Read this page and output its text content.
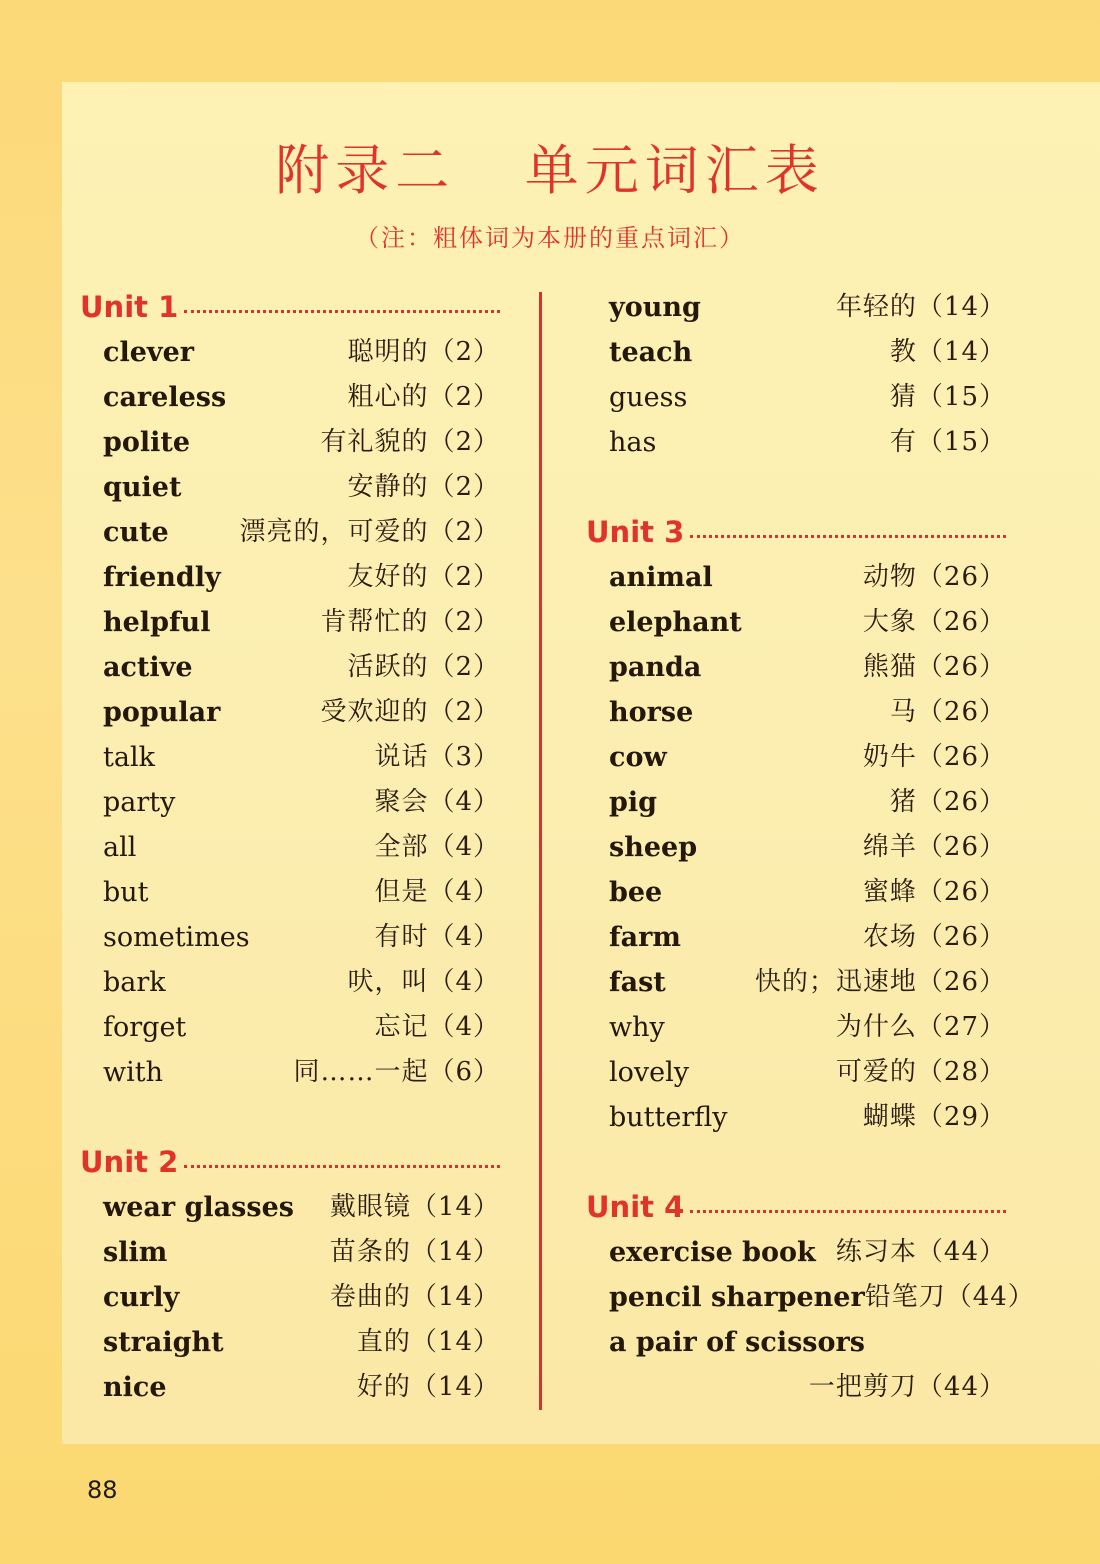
附录二   单元词汇表
（注：粗体词为本册的重点词汇）
Unit 1
clever	聪明的（2）
careless	粗心的（2）
polite	有礼貌的（2）
quiet	安静的（2）
cute	漂亮的，可爱的（2）
friendly	友好的（2）
helpful	肯帮忙的（2）
active	活跃的（2）
popular	受欢迎的（2）
talk	说话（3）
party	聚会（4）
all	全部（4）
but	但是（4）
sometimes	有时（4）
bark	吠，叫（4）
forget	忘记（4）
with	同……一起（6）
Unit 2
wear glasses 戴眼镜（14）
slim	苗条的（14）
curly	卷曲的（14）
straight	直的（14）
nice	好的（14）
young	年轻的（14）
teach	教（14）
guess	猜（15）
has	有（15）
Unit 3
animal	动物（26）
elephant	大象（26）
panda	熊猫（26）
horse	马（26）
cow	奶牛（26）
pig	猪（26）
sheep	绵羊（26）
bee	蜜蜂（26）
farm	农场（26）
fast	快的；迅速地（26）
why	为什么（27）
lovely	可爱的（28）
butterfly	蝴蝶（29）
Unit 4
exercise book 练习本（44）
pencil sharpener 铅笔刀（44）
a pair of scissors
一把剪刀（44）
88
